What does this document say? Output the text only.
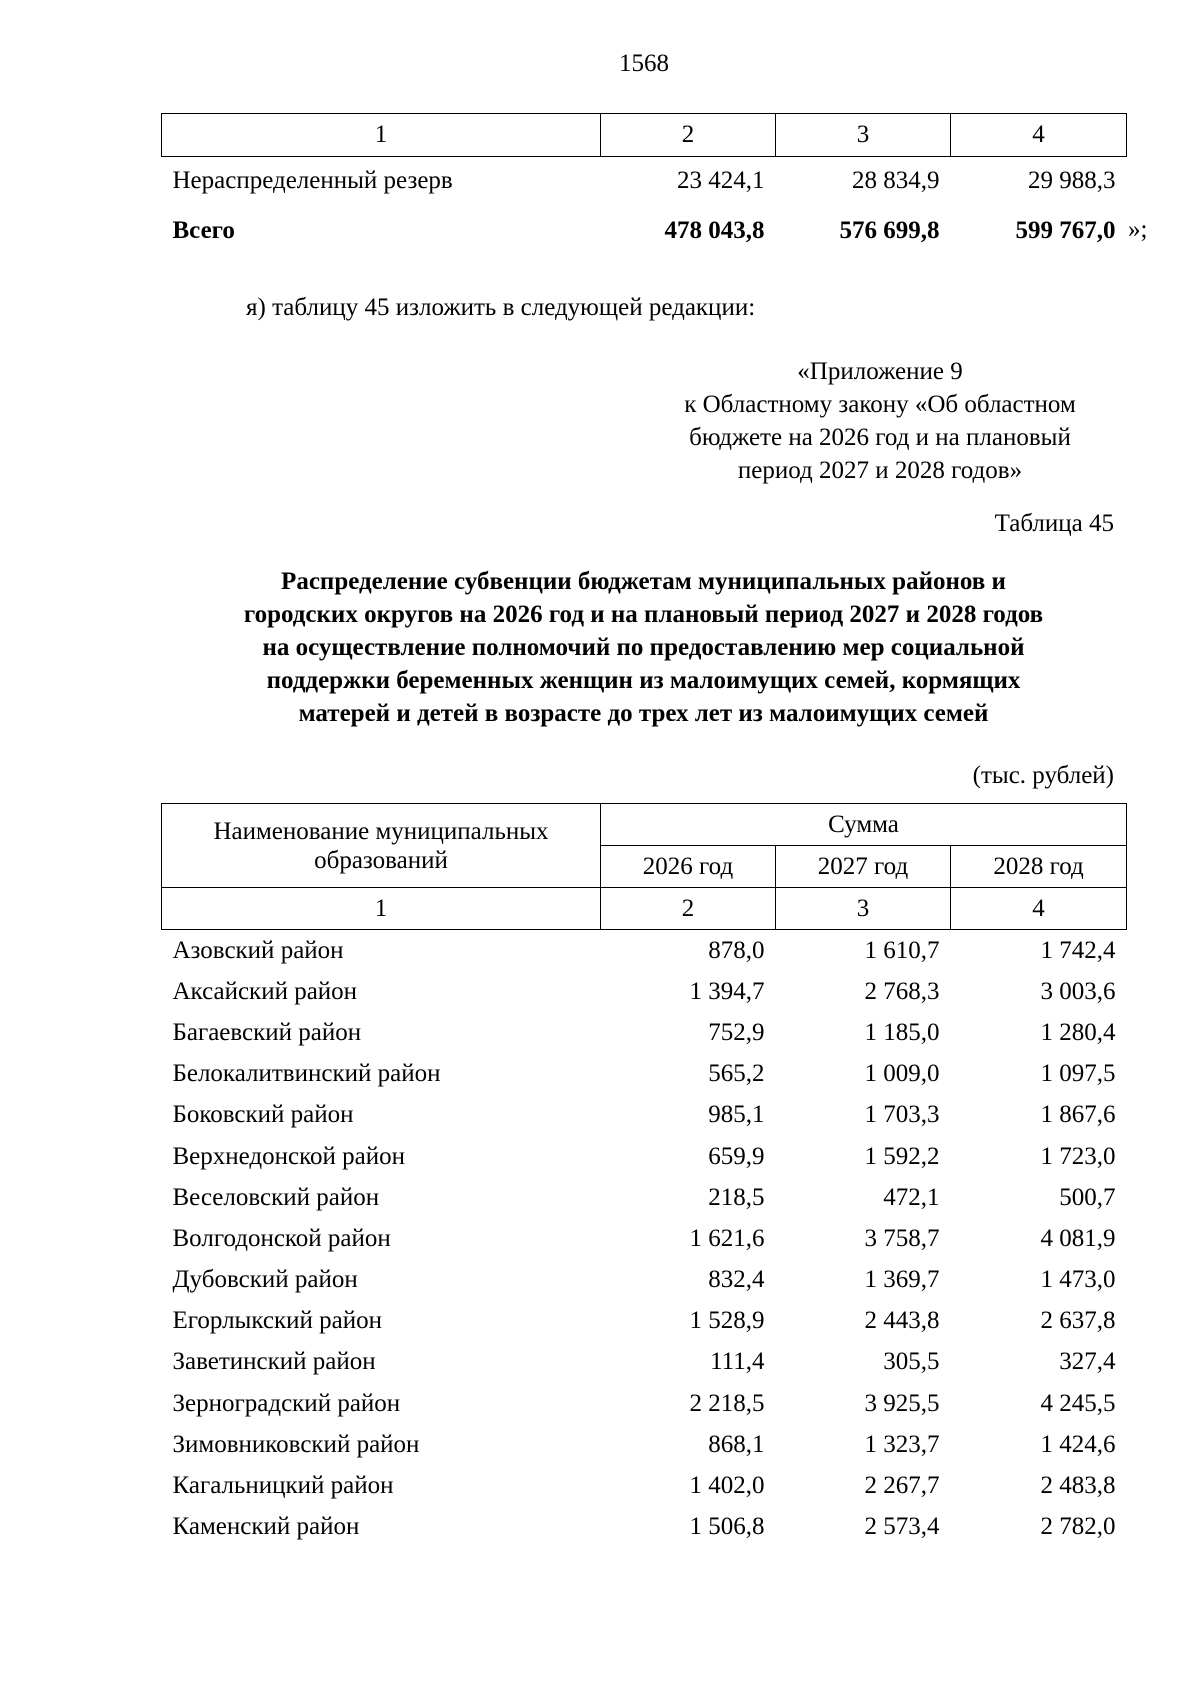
1568
1	2	3	4
Нераспределенный резерв	23 424,1	28 834,9	29 988,3
Всего	478 043,8	576 699,8	599 767,0 »;
я) таблицу 45 изложить в следующей редакции:
«Приложение 9
к Областному закону «Об областном
бюджете на 2026 год и на плановый
период 2027 и 2028 годов»
Таблица 45
Распределение субвенции бюджетам муниципальных районов и
городских округов на 2026 год и на плановый период 2027 и 2028 годов
на осуществление полномочий по предоставлению мер социальной
поддержки беременных женщин из малоимущих семей, кормящих
матерей и детей в возрасте до трех лет из малоимущих семей
(тыс. рублей)
Наименование муниципальных
образований	Сумма		
	2026 год	2027 год	2028 год
1	2	3	4
Азовский район	878,0	1 610,7	1 742,4
Аксайский район	1 394,7	2 768,3	3 003,6
Багаевский район	752,9	1 185,0	1 280,4
Белокалитвинский район	565,2	1 009,0	1 097,5
Боковский район	985,1	1 703,3	1 867,6
Верхнедонской район	659,9	1 592,2	1 723,0
Веселовский район	218,5	472,1	500,7
Волгодонской район	1 621,6	3 758,7	4 081,9
Дубовский район	832,4	1 369,7	1 473,0
Егорлыкский район	1 528,9	2 443,8	2 637,8
Заветинский район	111,4	305,5	327,4
Зерноградский район	2 218,5	3 925,5	4 245,5
Зимовниковский район	868,1	1 323,7	1 424,6
Кагальницкий район	1 402,0	2 267,7	2 483,8
Каменский район	1 506,8	2 573,4	2 782,0
